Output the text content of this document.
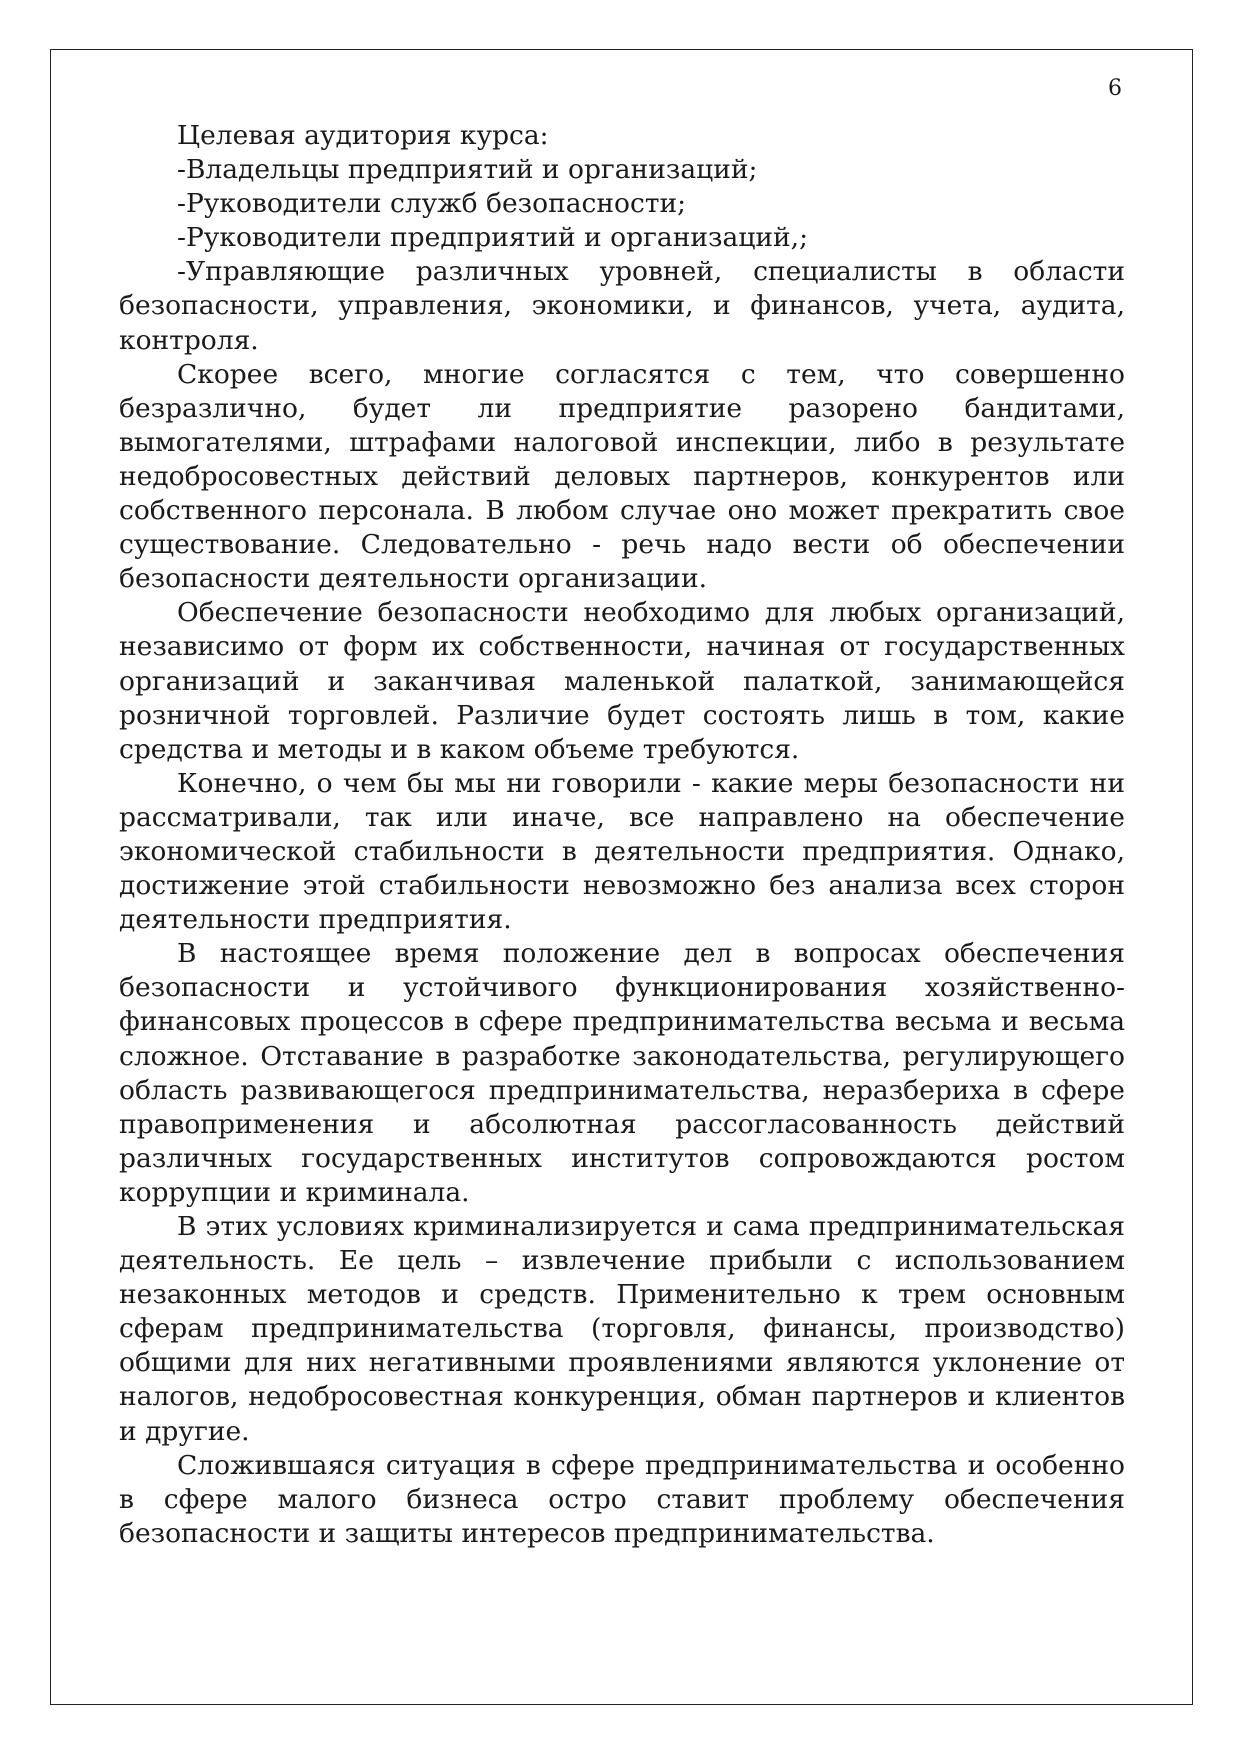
6

Целевая аудитория курса:

-Владельцы предприятий и организаций;

-Руководители служб безопасности;

-Руководители предприятий и организаций,;

-Управляющие различных уровней, специалисты в области безопасности, управления, экономики, и финансов, учета, аудита, контроля.

Скорее всего, многие согласятся с тем, что совершенно безразлично, будет ли предприятие разорено бандитами, вымогателями, штрафами налоговой инспекции, либо в результате недобросовестных действий деловых партнеров, конкурентов или собственного персонала. В любом случае оно может прекратить свое существование. Следовательно - речь надо вести об обеспечении безопасности деятельности организации.

Обеспечение безопасности необходимо для любых организаций, независимо от форм их собственности, начиная от государственных организаций и заканчивая маленькой палаткой, занимающейся розничной торговлей. Различие будет состоять лишь в том, какие средства и методы и в каком объеме требуются.

Конечно, о чем бы мы ни говорили - какие меры безопасности ни рассматривали, так или иначе, все направлено на обеспечение экономической стабильности в деятельности предприятия. Однако, достижение этой стабильности невозможно без анализа всех сторон деятельности предприятия.

В настоящее время положение дел в вопросах обеспечения безопасности и устойчивого функционирования хозяйственно-финансовых процессов в сфере предпринимательства весьма и весьма сложное. Отставание в разработке законодательства, регулирующего область развивающегося предпринимательства, неразбериха в сфере правоприменения и абсолютная рассогласованность действий различных государственных институтов сопровождаются ростом коррупции и криминала.

В этих условиях криминализируется и сама предпринимательская деятельность. Ее цель – извлечение прибыли с использованием незаконных методов и средств. Применительно к трем основным сферам предпринимательства (торговля, финансы, производство) общими для них негативными проявлениями являются уклонение от налогов, недобросовестная конкуренция, обман партнеров и клиентов и другие.

Сложившаяся ситуация в сфере предпринимательства и особенно в сфере малого бизнеса остро ставит проблему обеспечения безопасности и защиты интересов предпринимательства.
